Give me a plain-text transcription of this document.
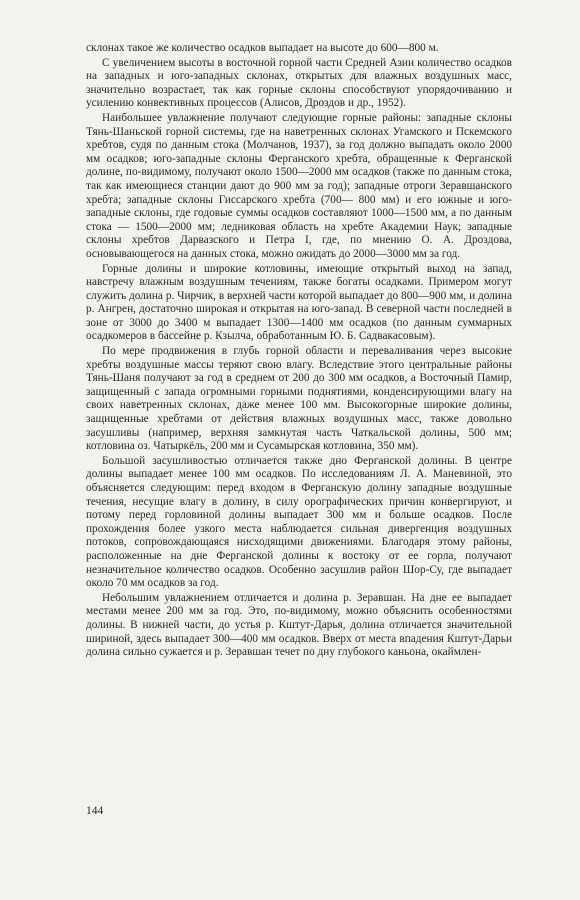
склонах такое же количество осадков выпадает на высоте до 600—800 м.

С увеличением высоты в восточной горной части Средней Азии количество осадков на западных и юго-западных склонах, открытых для влажных воздушных масс, значительно возрастает, так как горные склоны способствуют упорядочиванию и усилению конвективных процессов (Алисов, Дроздов и др., 1952).

Наибольшее увлажнение получают следующие горные районы: западные склоны Тянь-Шаньской горной системы, где на наветренных склонах Угамского и Пскемского хребтов, судя по данным стока (Молчанов, 1937), за год должно выпадать около 2000 мм осадков; юго-западные склоны Ферганского хребта, обращенные к Ферганской долине, по-видимому, получают около 1500—2000 мм осадков (также по данным стока, так как имеющиеся станции дают до 900 мм за год); западные отроги Зеравшанского хребта; западные склоны Гиссарского хребта (700— 800 мм) и его южные и юго-западные склоны, где годовые суммы осадков составляют 1000—1500 мм, а по данным стока — 1500—2000 мм; ледниковая область на хребте Академии Наук; западные склоны хребтов Дарвазского и Петра I, где, по мнению О. А. Дроздова, основывающегося на данных стока, можно ожидать до 2000—3000 мм за год.

Горные долины и широкие котловины, имеющие открытый выход на запад, навстречу влажным воздушным течениям, также богаты осадками. Примером могут служить долина р. Чирчик, в верхней части которой выпадает до 800—900 мм, и долина р. Ангрен, достаточно широкая и открытая на юго-запад. В северной части последней в зоне от 3000 до 3400 м выпадает 1300—1400 мм осадков (по данным суммарных осадкомеров в бассейне р. Кзылча, обработанным Ю. Б. Садвакасовым).

По мере продвижения в глубь горной области и переваливания через высокие хребты воздушные массы теряют свою влагу. Вследствие этого центральные районы Тянь-Шаня получают за год в среднем от 200 до 300 мм осадков, а Восточный Памир, защищенный с запада огромными горными поднятиями, конденсирующими влагу на своих наветренных склонах, даже менее 100 мм. Высокогорные широкие долины, защищенные хребтами от действия влажных воздушных масс, также довольно засушливы (например, верхняя замкнутая часть Чаткальской долины, 500 мм; котловина оз. Чатыркёль, 200 мм и Сусамырская котловина, 350 мм).

Большой засушливостью отличается также дно Ферганской долины. В центре долины выпадает менее 100 мм осадков. По исследованиям Л. А. Маневиной, это объясняется следующим: перед входом в Ферганскую долину западные воздушные течения, несущие влагу в долину, в силу орографических причин конвергируют, и потому перед горловиной долины выпадает 300 мм и больше осадков. После прохождения более узкого места наблюдается сильная дивергенция воздушных потоков, сопровождающаяся нисходящими движениями. Благодаря этому районы, расположенные на дне Ферганской долины к востоку от ее горла, получают незначительное количество осадков. Особенно засушлив район Шор-Су, где выпадает около 70 мм осадков за год.

Небольшим увлажнением отличается и долина р. Зеравшан. На дне ее выпадает местами менее 200 мм за год. Это, по-видимому, можно объяснить особенностями долины. В нижней части, до устья р. Кштут-Дарья, долина отличается значительной шириной, здесь выпадает 300—400 мм осадков. Вверх от места впадения Кштут-Дарьи долина сильно сужается и р. Зеравшан течет по дну глубокого каньона, окаймлен-

144
